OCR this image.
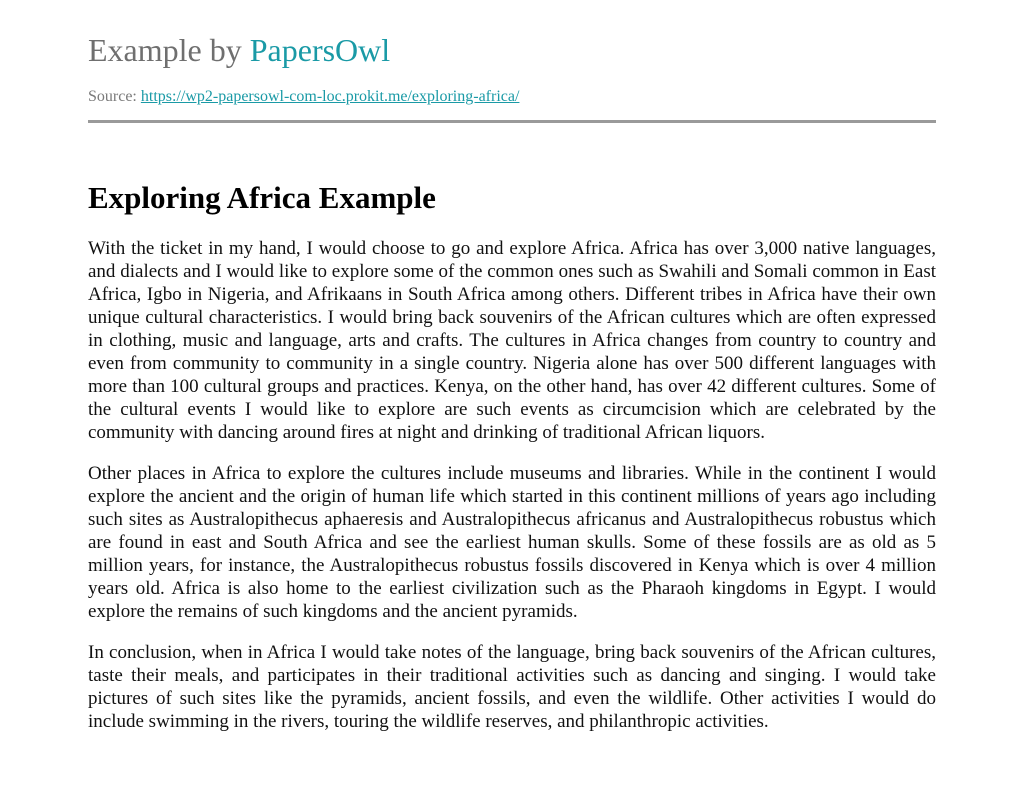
Example by PapersOwl
Source: https://wp2-papersowl-com-loc.prokit.me/exploring-africa/
Exploring Africa Example

With the ticket in my hand, I would choose to go and explore Africa. Africa has over 3,000 native languages, and dialects and I would like to explore some of the common ones such as Swahili and Somali common in East Africa, Igbo in Nigeria, and Afrikaans in South Africa among others. Different tribes in Africa have their own unique cultural characteristics. I would bring back souvenirs of the African cultures which are often expressed in clothing, music and language, arts and crafts. The cultures in Africa changes from country to country and even from community to community in a single country. Nigeria alone has over 500 different languages with more than 100 cultural groups and practices. Kenya, on the other hand, has over 42 different cultures. Some of the cultural events I would like to explore are such events as circumcision which are celebrated by the community with dancing around fires at night and drinking of traditional African liquors.

Other places in Africa to explore the cultures include museums and libraries. While in the continent I would explore the ancient and the origin of human life which started in this continent millions of years ago including such sites as Australopithecus aphaeresis and Australopithecus africanus and Australopithecus robustus which are found in east and South Africa and see the earliest human skulls. Some of these fossils are as old as 5 million years, for instance, the Australopithecus robustus fossils discovered in Kenya which is over 4 million years old. Africa is also home to the earliest civilization such as the Pharaoh kingdoms in Egypt. I would explore the remains of such kingdoms and the ancient pyramids.

In conclusion, when in Africa I would take notes of the language, bring back souvenirs of the African cultures, taste their meals, and participates in their traditional activities such as dancing and singing. I would take pictures of such sites like the pyramids, ancient fossils, and even the wildlife. Other activities I would do include swimming in the rivers, touring the wildlife reserves, and philanthropic activities.
